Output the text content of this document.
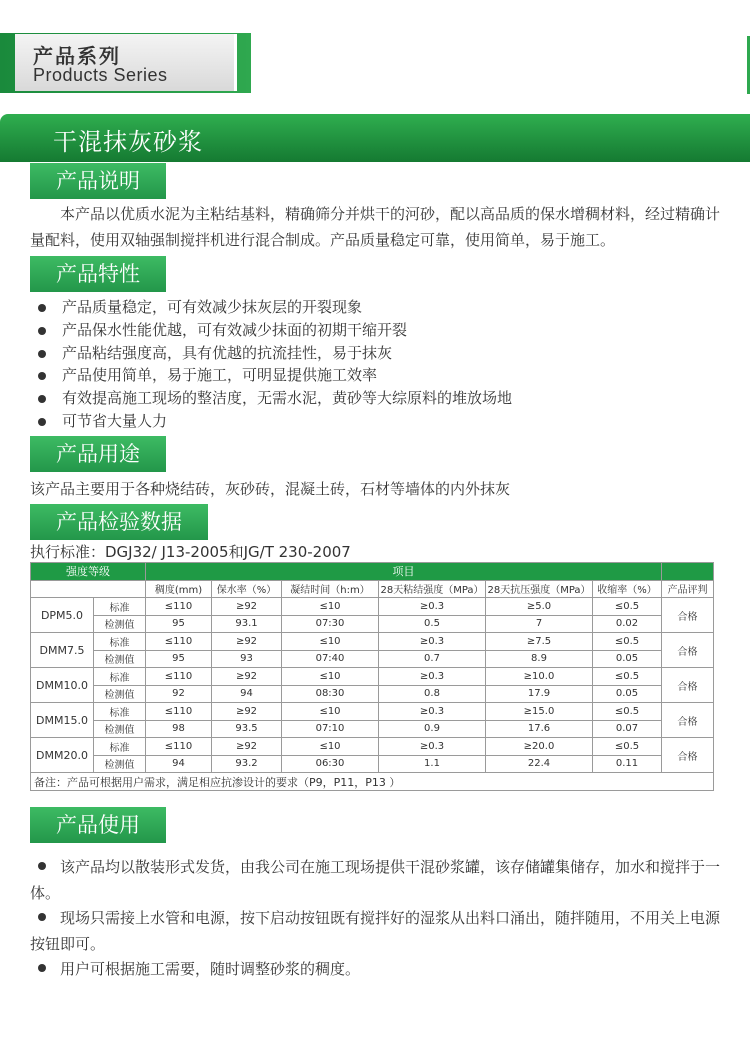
产品系列
Products Series
干混抹灰砂浆
产品说明
　　本产品以优质水泥为主粘结基料，精确筛分并烘干的河砂，配以高品质的保水增稠材料，经过精确计量配料，使用双轴强制搅拌机进行混合制成。产品质量稳定可靠，使用简单，易于施工。
产品特性
产品质量稳定，可有效减少抹灰层的开裂现象
产品保水性能优越，可有效减少抹面的初期干缩开裂
产品粘结强度高，具有优越的抗流挂性，易于抹灰
产品使用简单，易于施工，可明显提供施工效率
有效提高施工现场的整洁度，无需水泥，黄砂等大综原料的堆放场地
可节省大量人力
产品用途
该产品主要用于各种烧结砖，灰砂砖，混凝土砖，石材等墙体的内外抹灰
产品检验数据
执行标准：DGJ32/ J13-2005和JG/T 230-2007
强度等级		项目						
		稠度(mm)	保水率（%）	凝结时间（h:m）	28天粘结强度（MPa）	28天抗压强度（MPa）	收缩率（%）	产品评判
DPM5.0	标准	≤110	≥92	≤10	≥0.3	≥5.0	≤0.5	合格
	检测值	95	93.1	07:30	0.5	7	0.02	
DMM7.5	标准	≤110	≥92	≤10	≥0.3	≥7.5	≤0.5	合格
	检测值	95	93	07:40	0.7	8.9	0.05	
DMM10.0	标准	≤110	≥92	≤10	≥0.3	≥10.0	≤0.5	合格
	检测值	92	94	08:30	0.8	17.9	0.05	
DMM15.0	标准	≤110	≥92	≤10	≥0.3	≥15.0	≤0.5	合格
	检测值	98	93.5	07:10	0.9	17.6	0.07	
DMM20.0	标准	≤110	≥92	≤10	≥0.3	≥20.0	≤0.5	合格
	检测值	94	93.2	06:30	1.1	22.4	0.11	
备注：产品可根据用户需求，满足相应抗渗设计的要求（P9，P11，P13 ）								
产品使用

该产品均以散装形式发货，由我公司在施工现场提供干混砂浆罐，该存储罐集储存，加水和搅拌于一体。

现场只需接上水管和电源，按下启动按钮既有搅拌好的湿浆从出料口涌出，随拌随用，不用关上电源按钮即可。

用户可根据施工需要，随时调整砂浆的稠度。
